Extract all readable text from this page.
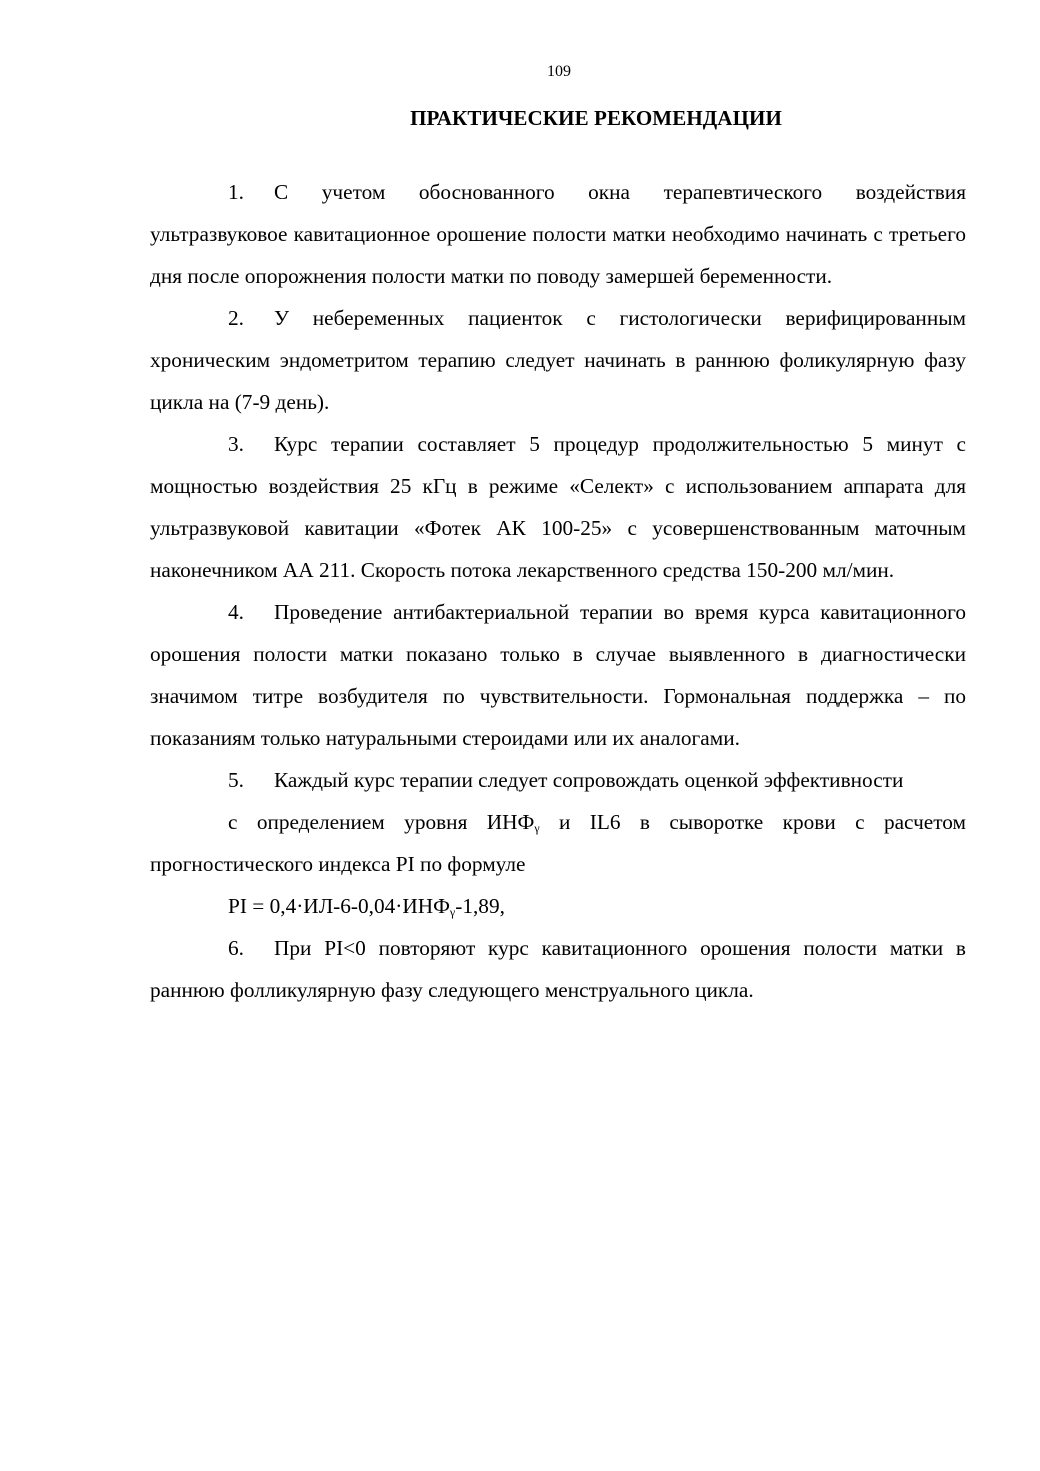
109
ПРАКТИЧЕСКИЕ РЕКОМЕНДАЦИИ

1. С учетом обоснованного окна терапевтического воздействия ультразвуковое кавитационное орошение полости матки необходимо начинать с третьего дня после опорожнения полости матки по поводу замершей беременности.

2. У небеременных пациенток с гистологически верифицированным хроническим эндометритом терапию следует начинать в раннюю фоликулярную фазу цикла на (7-9 день).

3. Курс терапии составляет 5 процедур продолжительностью 5 минут с мощностью воздействия 25 кГц в режиме «Селект» с использованием аппарата для ультразвуковой кавитации «Фотек АК 100-25» с усовершенствованным маточным наконечником АА 211. Скорость потока лекарственного средства 150-200 мл/мин.

4. Проведение антибактериальной терапии во время курса кавитационного орошения полости матки показано только в случае выявленного в диагностически значимом титре возбудителя по чувствительности. Гормональная поддержка – по показаниям только натуральными стероидами или их аналогами.

5. Каждый курс терапии следует сопровождать оценкой эффективности

с определением уровня $ИНФ_\gamma$ и IL6 в сыворотке крови с расчетом прогностического индекса PI по формуле

PI = $0,4\cdot ИЛ-6-0,04\cdot ИНФ_\gamma-1,89$,

6. При PI<0 повторяют курс кавитационного орошения полости матки в раннюю фолликулярную фазу следующего менструального цикла.
